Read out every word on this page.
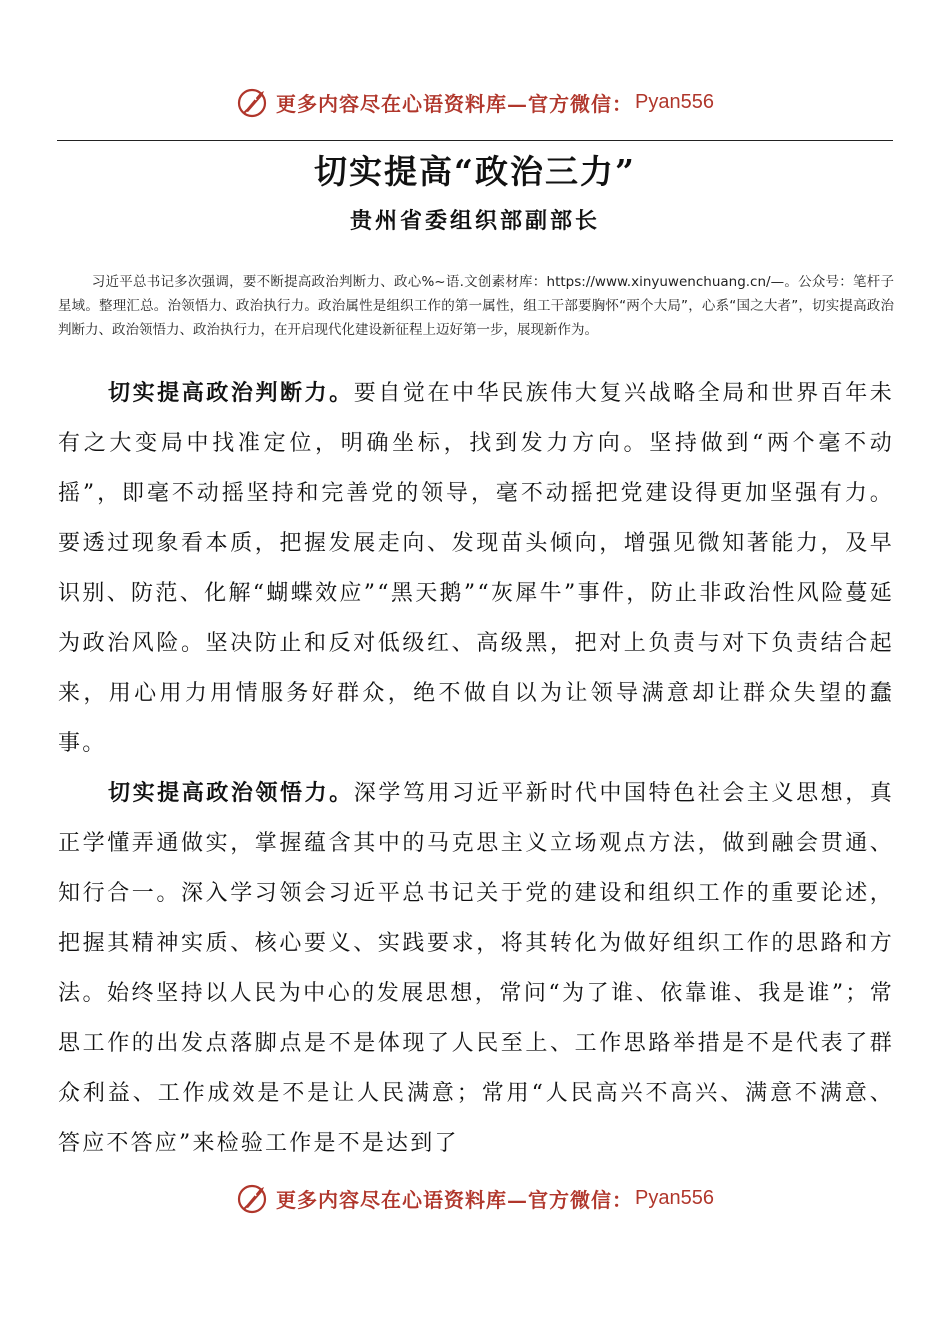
更多内容尽在心语资料库—官方微信： Pyan556
切实提高“政治三力”
贵州省委组织部副部长
习近平总书记多次强调，要不断提高政治判断力、政心%~语.文创素材库：https://www.xinyuwenchuang.cn/—。公众号：笔杆子星域。整理汇总。治领悟力、政治执行力。政治属性是组织工作的第一属性，组工干部要胸怀“两个大局”，心系“国之大者”，切实提高政治判断力、政治领悟力、政治执行力，在开启现代化建设新征程上迈好第一步，展现新作为。
切实提高政治判断力。要自觉在中华民族伟大复兴战略全局和世界百年未有之大变局中找准定位，明确坐标，找到发力方向。坚持做到“两个毫不动摇”，即毫不动摇坚持和完善党的领导，毫不动摇把党建设得更加坚强有力。要透过现象看本质，把握发展走向、发现苗头倾向，增强见微知著能力，及早识别、防范、化解“蝴蝶效应”“黑天鹅”“灰犀牛”事件，防止非政治性风险蔓延为政治风险。坚决防止和反对低级红、高级黑，把对上负责与对下负责结合起来，用心用力用情服务好群众，绝不做自以为让领导满意却让群众失望的蠢事。
切实提高政治领悟力。深学笃用习近平新时代中国特色社会主义思想，真正学懂弄通做实，掌握蕴含其中的马克思主义立场观点方法，做到融会贯通、知行合一。深入学习领会习近平总书记关于党的建设和组织工作的重要论述，把握其精神实质、核心要义、实践要求，将其转化为做好组织工作的思路和方法。始终坚持以人民为中心的发展思想，常问“为了谁、依靠谁、我是谁”；常思工作的出发点落脚点是不是体现了人民至上、工作思路举措是不是代表了群众利益、工作成效是不是让人民满意；常用“人民高兴不高兴、满意不满意、答应不答应”来检验工作是不是达到了
更多内容尽在心语资料库—官方微信： Pyan556
